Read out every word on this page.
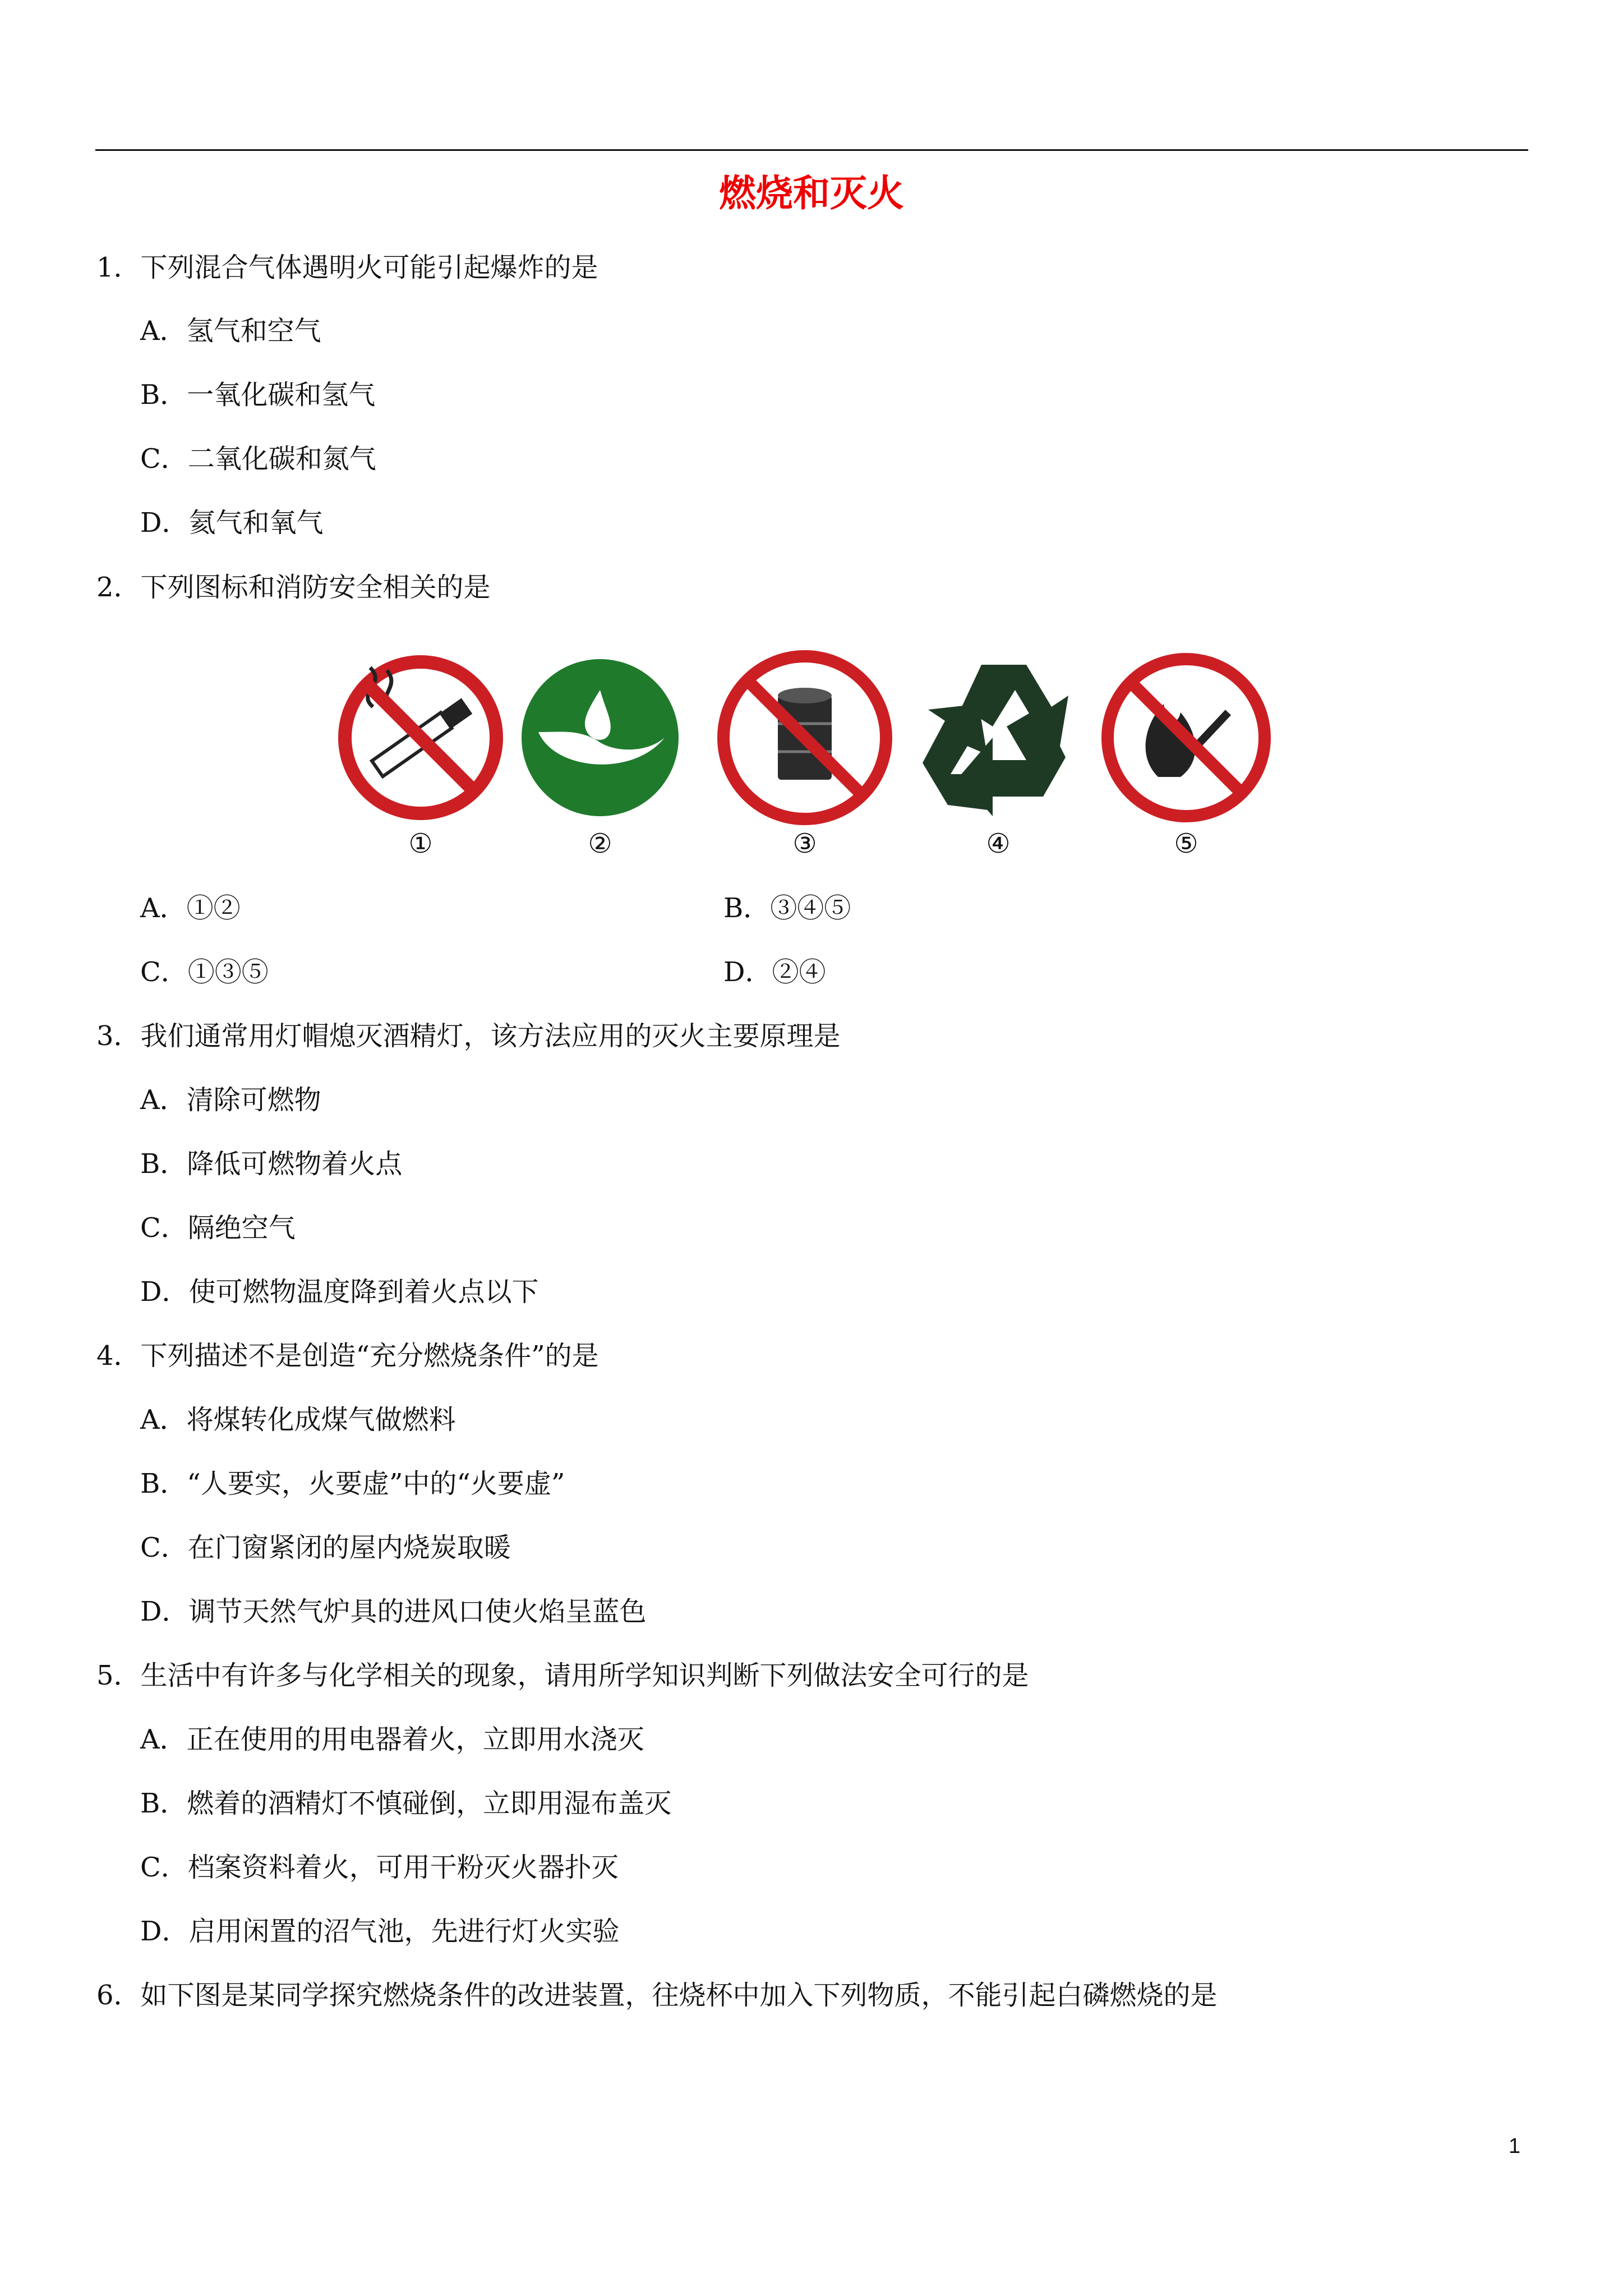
燃烧和灭火
1．下列混合气体遇明火可能引起爆炸的是
A．氢气和空气
B．一氧化碳和氢气
C．二氧化碳和氮气
D．氦气和氧气
2．下列图标和消防安全相关的是
①	②	③	④	⑤
A．①②	B．③④⑤
C．①③⑤	D．②④
3．我们通常用灯帽熄灭酒精灯，该方法应用的灭火主要原理是
A．清除可燃物
B．降低可燃物着火点
C．隔绝空气
D．使可燃物温度降到着火点以下
4．下列描述不是创造“充分燃烧条件”的是
A．将煤转化成煤气做燃料
B．“人要实，火要虚”中的“火要虚”
C．在门窗紧闭的屋内烧炭取暖
D．调节天然气炉具的进风口使火焰呈蓝色
5．生活中有许多与化学相关的现象，请用所学知识判断下列做法安全可行的是
A．正在使用的用电器着火，立即用水浇灭
B．燃着的酒精灯不慎碰倒，立即用湿布盖灭
C．档案资料着火，可用干粉灭火器扑灭
D．启用闲置的沼气池，先进行灯火实验
6．如下图是某同学探究燃烧条件的改进装置，往烧杯中加入下列物质，不能引起白磷燃烧的是
1
